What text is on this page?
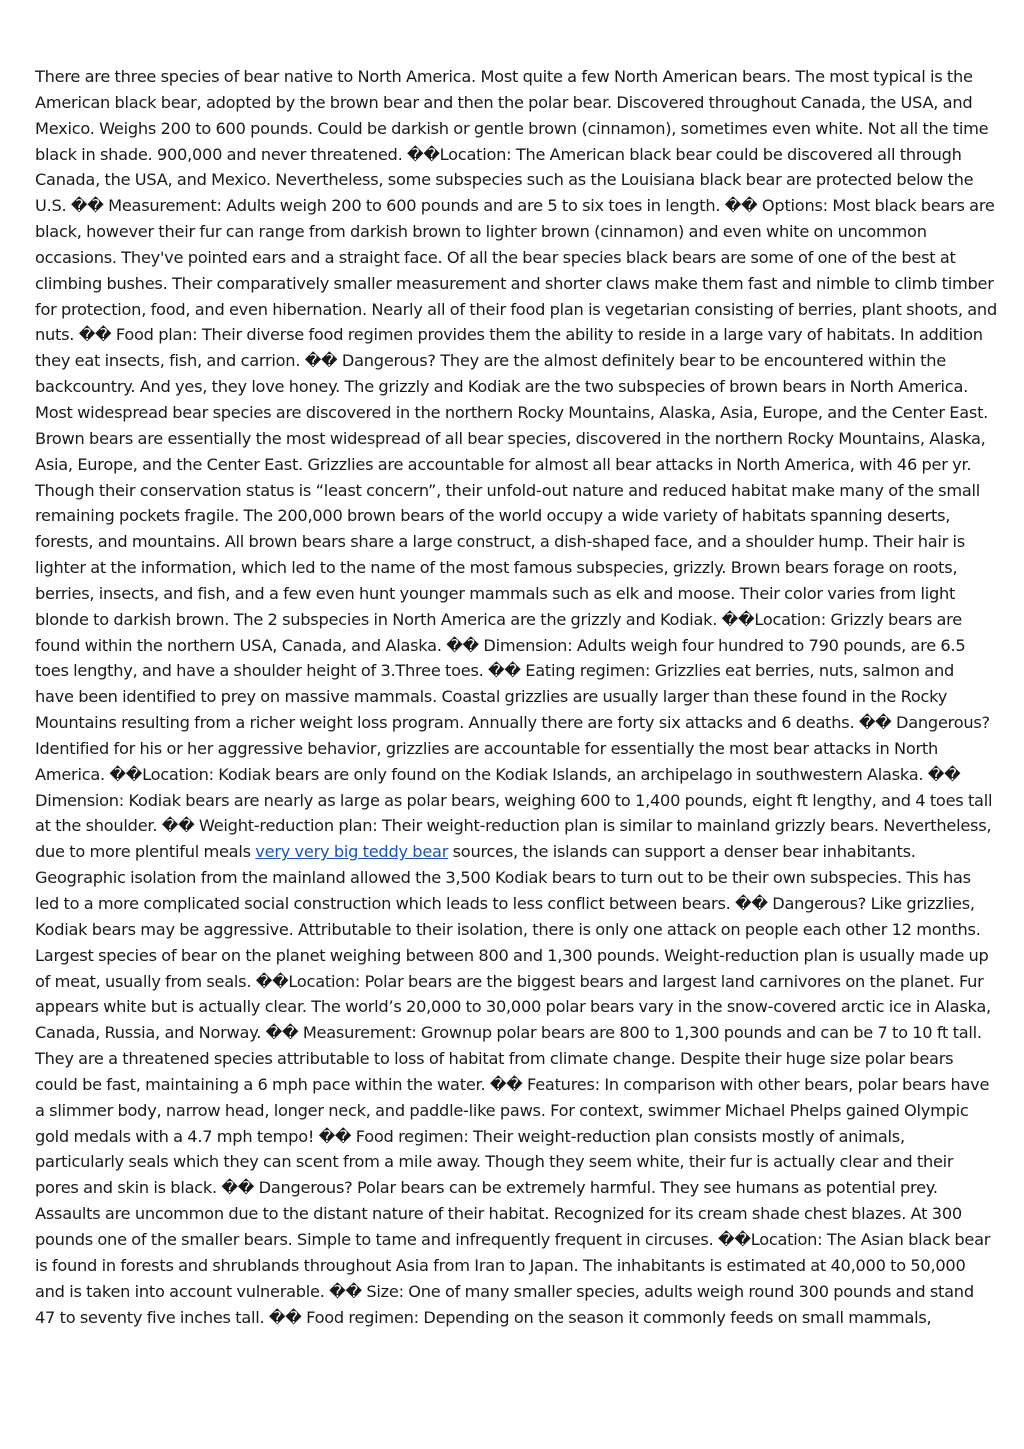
There are three species of bear native to North America. Most quite a few North American bears. The most typical is the American black bear, adopted by the brown bear and then the polar bear. Discovered throughout Canada, the USA, and Mexico. Weighs 200 to 600 pounds. Could be darkish or gentle brown (cinnamon), sometimes even white. Not all the time black in shade. 900,000 and never threatened. ��Location: The American black bear could be discovered all through Canada, the USA, and Mexico. Nevertheless, some subspecies such as the Louisiana black bear are protected below the U.S. �� Measurement: Adults weigh 200 to 600 pounds and are 5 to six toes in length. �� Options: Most black bears are black, however their fur can range from darkish brown to lighter brown (cinnamon) and even white on uncommon occasions. They've pointed ears and a straight face. Of all the bear species black bears are some of one of the best at climbing bushes. Their comparatively smaller measurement and shorter claws make them fast and nimble to climb timber for protection, food, and even hibernation. Nearly all of their food plan is vegetarian consisting of berries, plant shoots, and nuts. �� Food plan: Their diverse food regimen provides them the ability to reside in a large vary of habitats. In addition they eat insects, fish, and carrion. �� Dangerous? They are the almost definitely bear to be encountered within the backcountry. And yes, they love honey. The grizzly and Kodiak are the two subspecies of brown bears in North America. Most widespread bear species are discovered in the northern Rocky Mountains, Alaska, Asia, Europe, and the Center East. Brown bears are essentially the most widespread of all bear species, discovered in the northern Rocky Mountains, Alaska, Asia, Europe, and the Center East. Grizzlies are accountable for almost all bear attacks in North America, with 46 per yr. Though their conservation status is “least concern”, their unfold-out nature and reduced habitat make many of the small remaining pockets fragile. The 200,000 brown bears of the world occupy a wide variety of habitats spanning deserts, forests, and mountains. All brown bears share a large construct, a dish-shaped face, and a shoulder hump. Their hair is lighter at the information, which led to the name of the most famous subspecies, grizzly. Brown bears forage on roots, berries, insects, and fish, and a few even hunt younger mammals such as elk and moose. Their color varies from light blonde to darkish brown. The 2 subspecies in North America are the grizzly and Kodiak. ��Location: Grizzly bears are found within the northern USA, Canada, and Alaska. �� Dimension: Adults weigh four hundred to 790 pounds, are 6.5 toes lengthy, and have a shoulder height of 3.Three toes. �� Eating regimen: Grizzlies eat berries, nuts, salmon and have been identified to prey on massive mammals. Coastal grizzlies are usually larger than these found in the Rocky Mountains resulting from a richer weight loss program. Annually there are forty six attacks and 6 deaths. �� Dangerous? Identified for his or her aggressive behavior, grizzlies are accountable for essentially the most bear attacks in North America. ��Location: Kodiak bears are only found on the Kodiak Islands, an archipelago in southwestern Alaska. �� Dimension: Kodiak bears are nearly as large as polar bears, weighing 600 to 1,400 pounds, eight ft lengthy, and 4 toes tall at the shoulder. �� Weight-reduction plan: Their weight-reduction plan is similar to mainland grizzly bears. Nevertheless, due to more plentiful meals very very big teddy bear sources, the islands can support a denser bear inhabitants. Geographic isolation from the mainland allowed the 3,500 Kodiak bears to turn out to be their own subspecies. This has led to a more complicated social construction which leads to less conflict between bears. �� Dangerous? Like grizzlies, Kodiak bears may be aggressive. Attributable to their isolation, there is only one attack on people each other 12 months. Largest species of bear on the planet weighing between 800 and 1,300 pounds. Weight-reduction plan is usually made up of meat, usually from seals. ��Location: Polar bears are the biggest bears and largest land carnivores on the planet. Fur appears white but is actually clear. The world’s 20,000 to 30,000 polar bears vary in the snow-covered arctic ice in Alaska, Canada, Russia, and Norway. �� Measurement: Grownup polar bears are 800 to 1,300 pounds and can be 7 to 10 ft tall. They are a threatened species attributable to loss of habitat from climate change. Despite their huge size polar bears could be fast, maintaining a 6 mph pace within the water. �� Features: In comparison with other bears, polar bears have a slimmer body, narrow head, longer neck, and paddle-like paws. For context, swimmer Michael Phelps gained Olympic gold medals with a 4.7 mph tempo! �� Food regimen: Their weight-reduction plan consists mostly of animals, particularly seals which they can scent from a mile away. Though they seem white, their fur is actually clear and their pores and skin is black. �� Dangerous? Polar bears can be extremely harmful. They see humans as potential prey. Assaults are uncommon due to the distant nature of their habitat. Recognized for its cream shade chest blazes. At 300 pounds one of the smaller bears. Simple to tame and infrequently frequent in circuses. ��Location: The Asian black bear is found in forests and shrublands throughout Asia from Iran to Japan. The inhabitants is estimated at 40,000 to 50,000 and is taken into account vulnerable. �� Size: One of many smaller species, adults weigh round 300 pounds and stand 47 to seventy five inches tall. �� Food regimen: Depending on the season it commonly feeds on small mammals,
